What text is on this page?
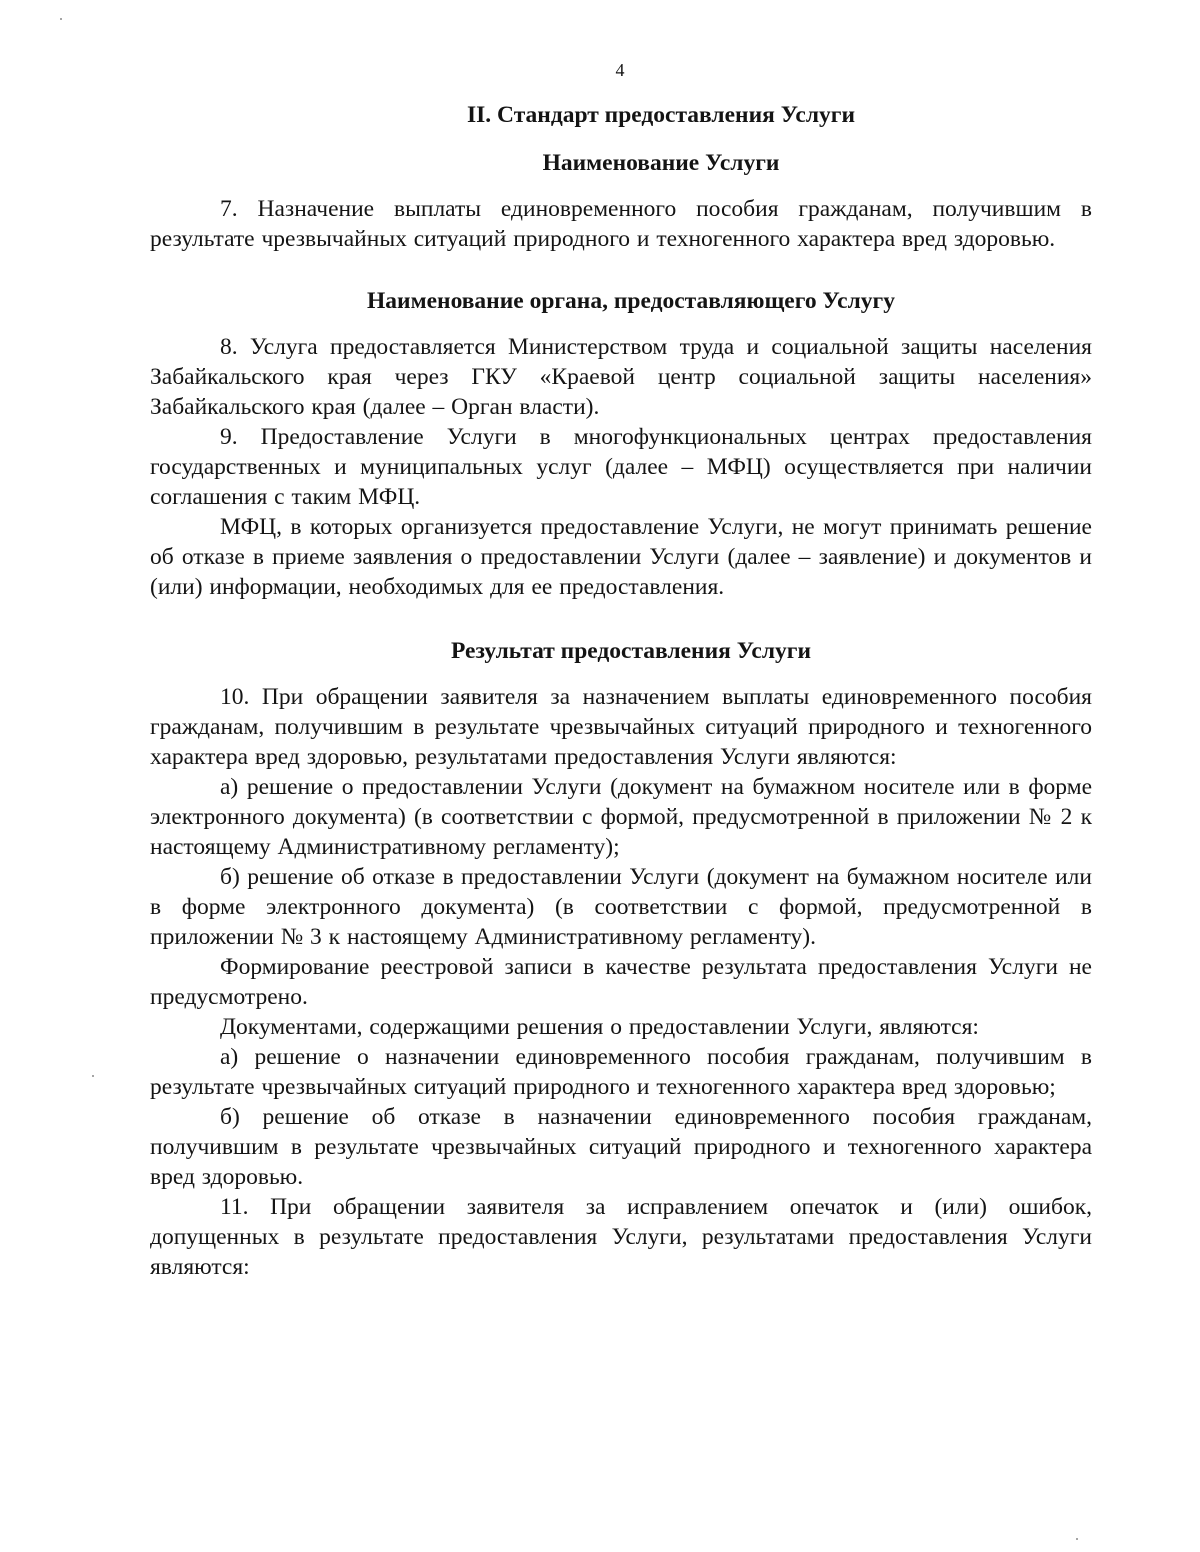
4
II. Стандарт предоставления Услуги
Наименование Услуги

7. Назначение выплаты единовременного пособия гражданам, получившим в результате чрезвычайных ситуаций природного и техногенного характера вред здоровью.

Наименование органа, предоставляющего Услугу

8. Услуга предоставляется Министерством труда и социальной защиты населения Забайкальского края через ГКУ «Краевой центр социальной защиты населения» Забайкальского края (далее – Орган власти).

9. Предоставление Услуги в многофункциональных центрах предоставления государственных и муниципальных услуг (далее – МФЦ) осуществляется при наличии соглашения с таким МФЦ.

МФЦ, в которых организуется предоставление Услуги, не могут принимать решение об отказе в приеме заявления о предоставлении Услуги (далее – заявлeниe) и документов и (или) информации, необходимых для ее предоставления.

Результат предоставления Услуги

10. При обращении заявителя за назначением выплаты единовременного пособия гражданам, получившим в результате чрезвычайных ситуаций природного и техногенного характера вред здоровью, результатами предоставления Услуги являются:

а) решение о предоставлении Услуги (документ на бумажном носителе или в форме электронного документа) (в соответствии с формой, предусмотренной в приложении № 2 к настоящему Административному регламенту);

б) решение об отказе в предоставлении Услуги (документ на бумажном носителе или в форме электронного документа) (в соответствии с формой, предусмотренной в приложении № 3 к настоящему Административному регламенту).

Формирование реестровой записи в качестве результата предоставления Услуги не предусмотрено.

Документами, содержащими решения о предоставлении Услуги, являются:

а) решение о назначении единовременного пособия гражданам, получившим в результате чрезвычайных ситуаций природного и техногенного характера вред здоровью;

б) решение об отказе в назначении единовременного пособия гражданам, получившим в результате чрезвычайных ситуаций природного и техногенного характера вред здоровью.

11. При обращении заявителя за исправлением опечаток и (или) ошибок, допущенных в результате предоставления Услуги, результатами предоставления Услуги являются:
